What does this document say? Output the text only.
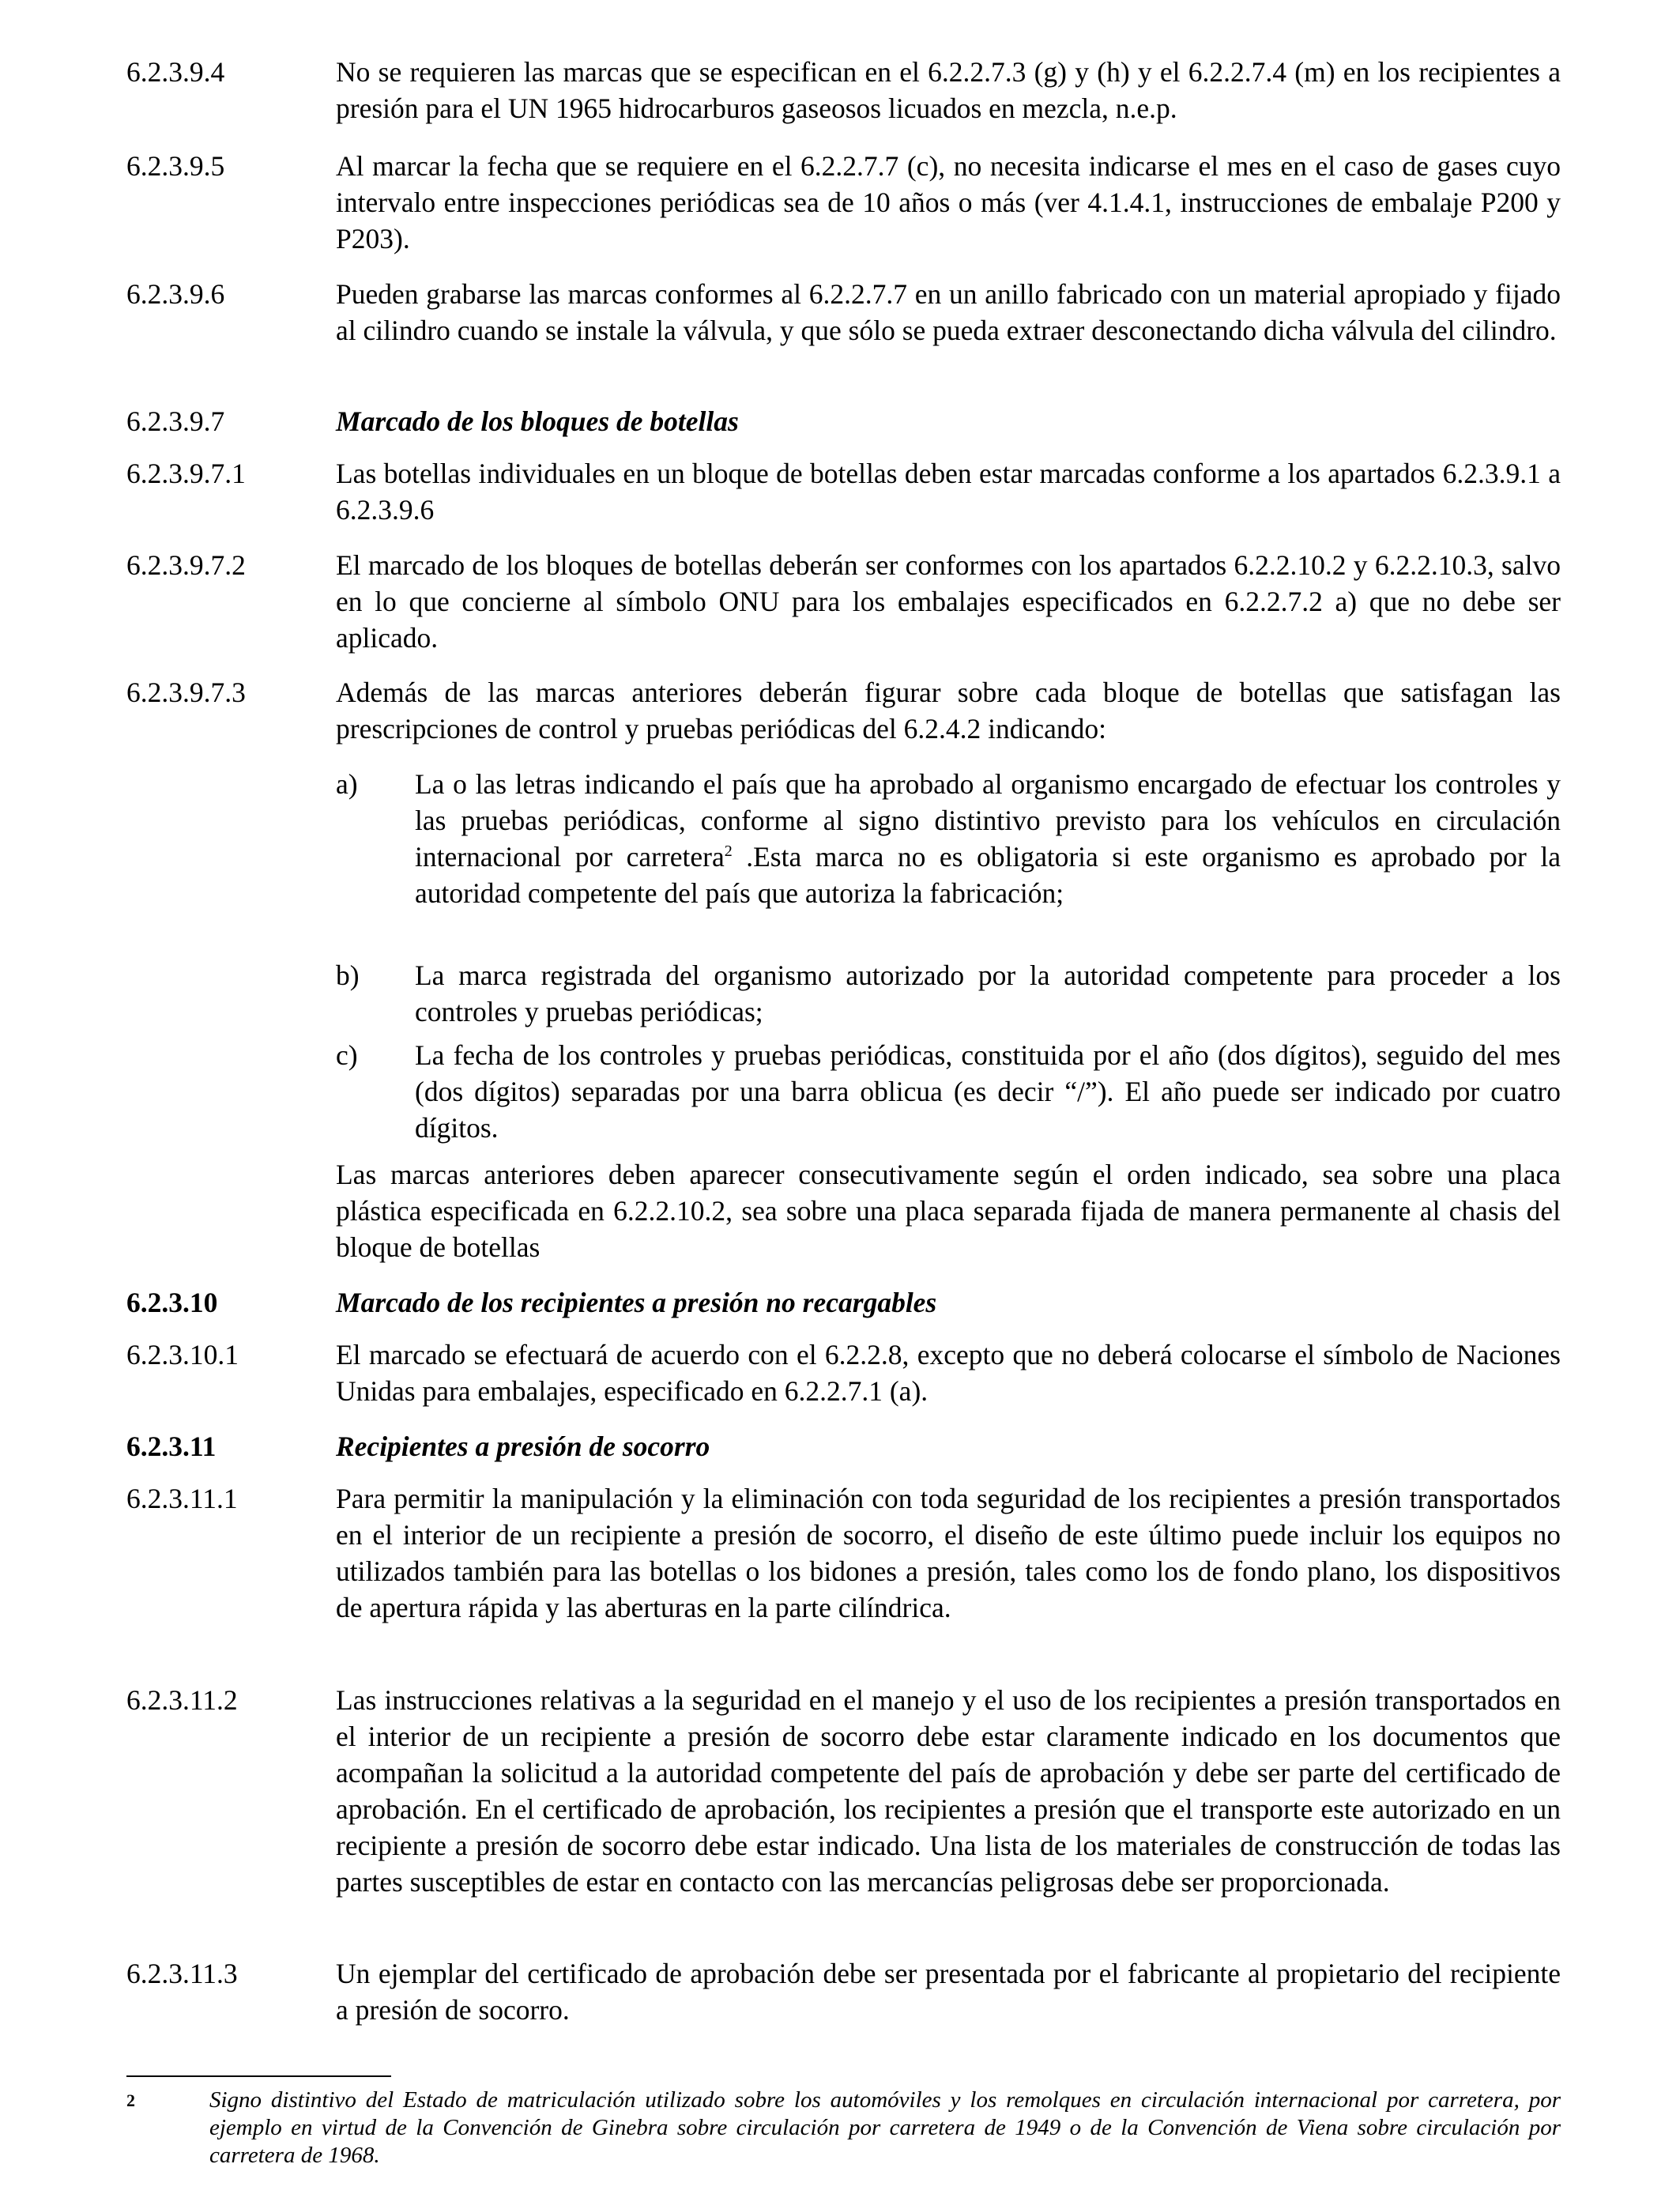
6.2.3.9.4	No se requieren las marcas que se especifican en el 6.2.2.7.3 (g) y (h) y el 6.2.2.7.4 (m) en los recipientes a presión para el UN 1965 hidrocarburos gaseosos licuados en mezcla, n.e.p.
6.2.3.9.5	Al marcar la fecha que se requiere en el 6.2.2.7.7 (c), no necesita indicarse el mes en el caso de gases cuyo intervalo entre inspecciones periódicas sea de 10 años o más (ver 4.1.4.1, instrucciones de embalaje P200 y P203).
6.2.3.9.6	Pueden grabarse las marcas conformes al 6.2.2.7.7 en un anillo fabricado con un material apropiado y fijado al cilindro cuando se instale la válvula, y que sólo se pueda extraer desconectando dicha válvula del cilindro.
6.2.3.9.7	Marcado de los bloques de botellas
6.2.3.9.7.1	Las botellas individuales en un bloque de botellas deben estar marcadas conforme a los apartados 6.2.3.9.1 a 6.2.3.9.6
6.2.3.9.7.2	El marcado de los bloques de botellas deberán ser conformes con los apartados 6.2.2.10.2 y 6.2.2.10.3, salvo en lo que concierne al símbolo ONU para los embalajes especificados en 6.2.2.7.2 a) que no debe ser aplicado.
6.2.3.9.7.3	Además de las marcas anteriores deberán figurar sobre cada bloque de botellas que satisfagan las prescripciones de control y pruebas periódicas del 6.2.4.2 indicando:
a)	La o las letras indicando el país que ha aprobado al organismo encargado de efectuar los controles y las pruebas periódicas, conforme al signo distintivo previsto para los vehículos en circulación internacional por carretera$^2$ .Esta marca no es obligatoria si este organismo es aprobado por la autoridad competente del país que autoriza la fabricación;
b)	La marca registrada del organismo autorizado por la autoridad competente para proceder a los controles y pruebas periódicas;
c)	La fecha de los controles y pruebas periódicas, constituida por el año (dos dígitos), seguido del mes (dos dígitos) separadas por una barra oblicua (es decir “/”). El año puede ser indicado por cuatro dígitos.
Las marcas anteriores deben aparecer consecutivamente según el orden indicado, sea sobre una placa plástica especificada en 6.2.2.10.2, sea sobre una placa separada fijada de manera permanente al chasis del bloque de botellas
6.2.3.10	Marcado de los recipientes a presión no recargables
6.2.3.10.1	El marcado se efectuará de acuerdo con el 6.2.2.8, excepto que no deberá colocarse el símbolo de Naciones Unidas para embalajes, especificado en 6.2.2.7.1 (a).
6.2.3.11	Recipientes a presión de socorro
6.2.3.11.1	Para permitir la manipulación y la eliminación con toda seguridad de los recipientes a presión transportados en el interior de un recipiente a presión de socorro, el diseño de este último puede incluir los equipos no utilizados también para las botellas o los bidones a presión, tales como los de fondo plano, los dispositivos de apertura rápida y las aberturas en la parte cilíndrica.
6.2.3.11.2	Las instrucciones relativas a la seguridad en el manejo y el uso de los recipientes a presión transportados en el interior de un recipiente a presión de socorro debe estar claramente indicado en los documentos que acompañan la solicitud a la autoridad competente del país de aprobación y debe ser parte del certificado de aprobación. En el certificado de aprobación, los recipientes a presión que el transporte este autorizado en un recipiente a presión de socorro debe estar indicado. Una lista de los materiales de construcción de todas las partes susceptibles de estar en contacto con las mercancías peligrosas debe ser proporcionada.
6.2.3.11.3	Un ejemplar del certificado de aprobación debe ser presentada por el fabricante al propietario del recipiente a presión de socorro.
2	Signo distintivo del Estado de matriculación utilizado sobre los automóviles y los remolques en circulación internacional por carretera, por ejemplo en virtud de la Convención de Ginebra sobre circulación por carretera de 1949 o de la Convención de Viena sobre circulación por carretera de 1968.
